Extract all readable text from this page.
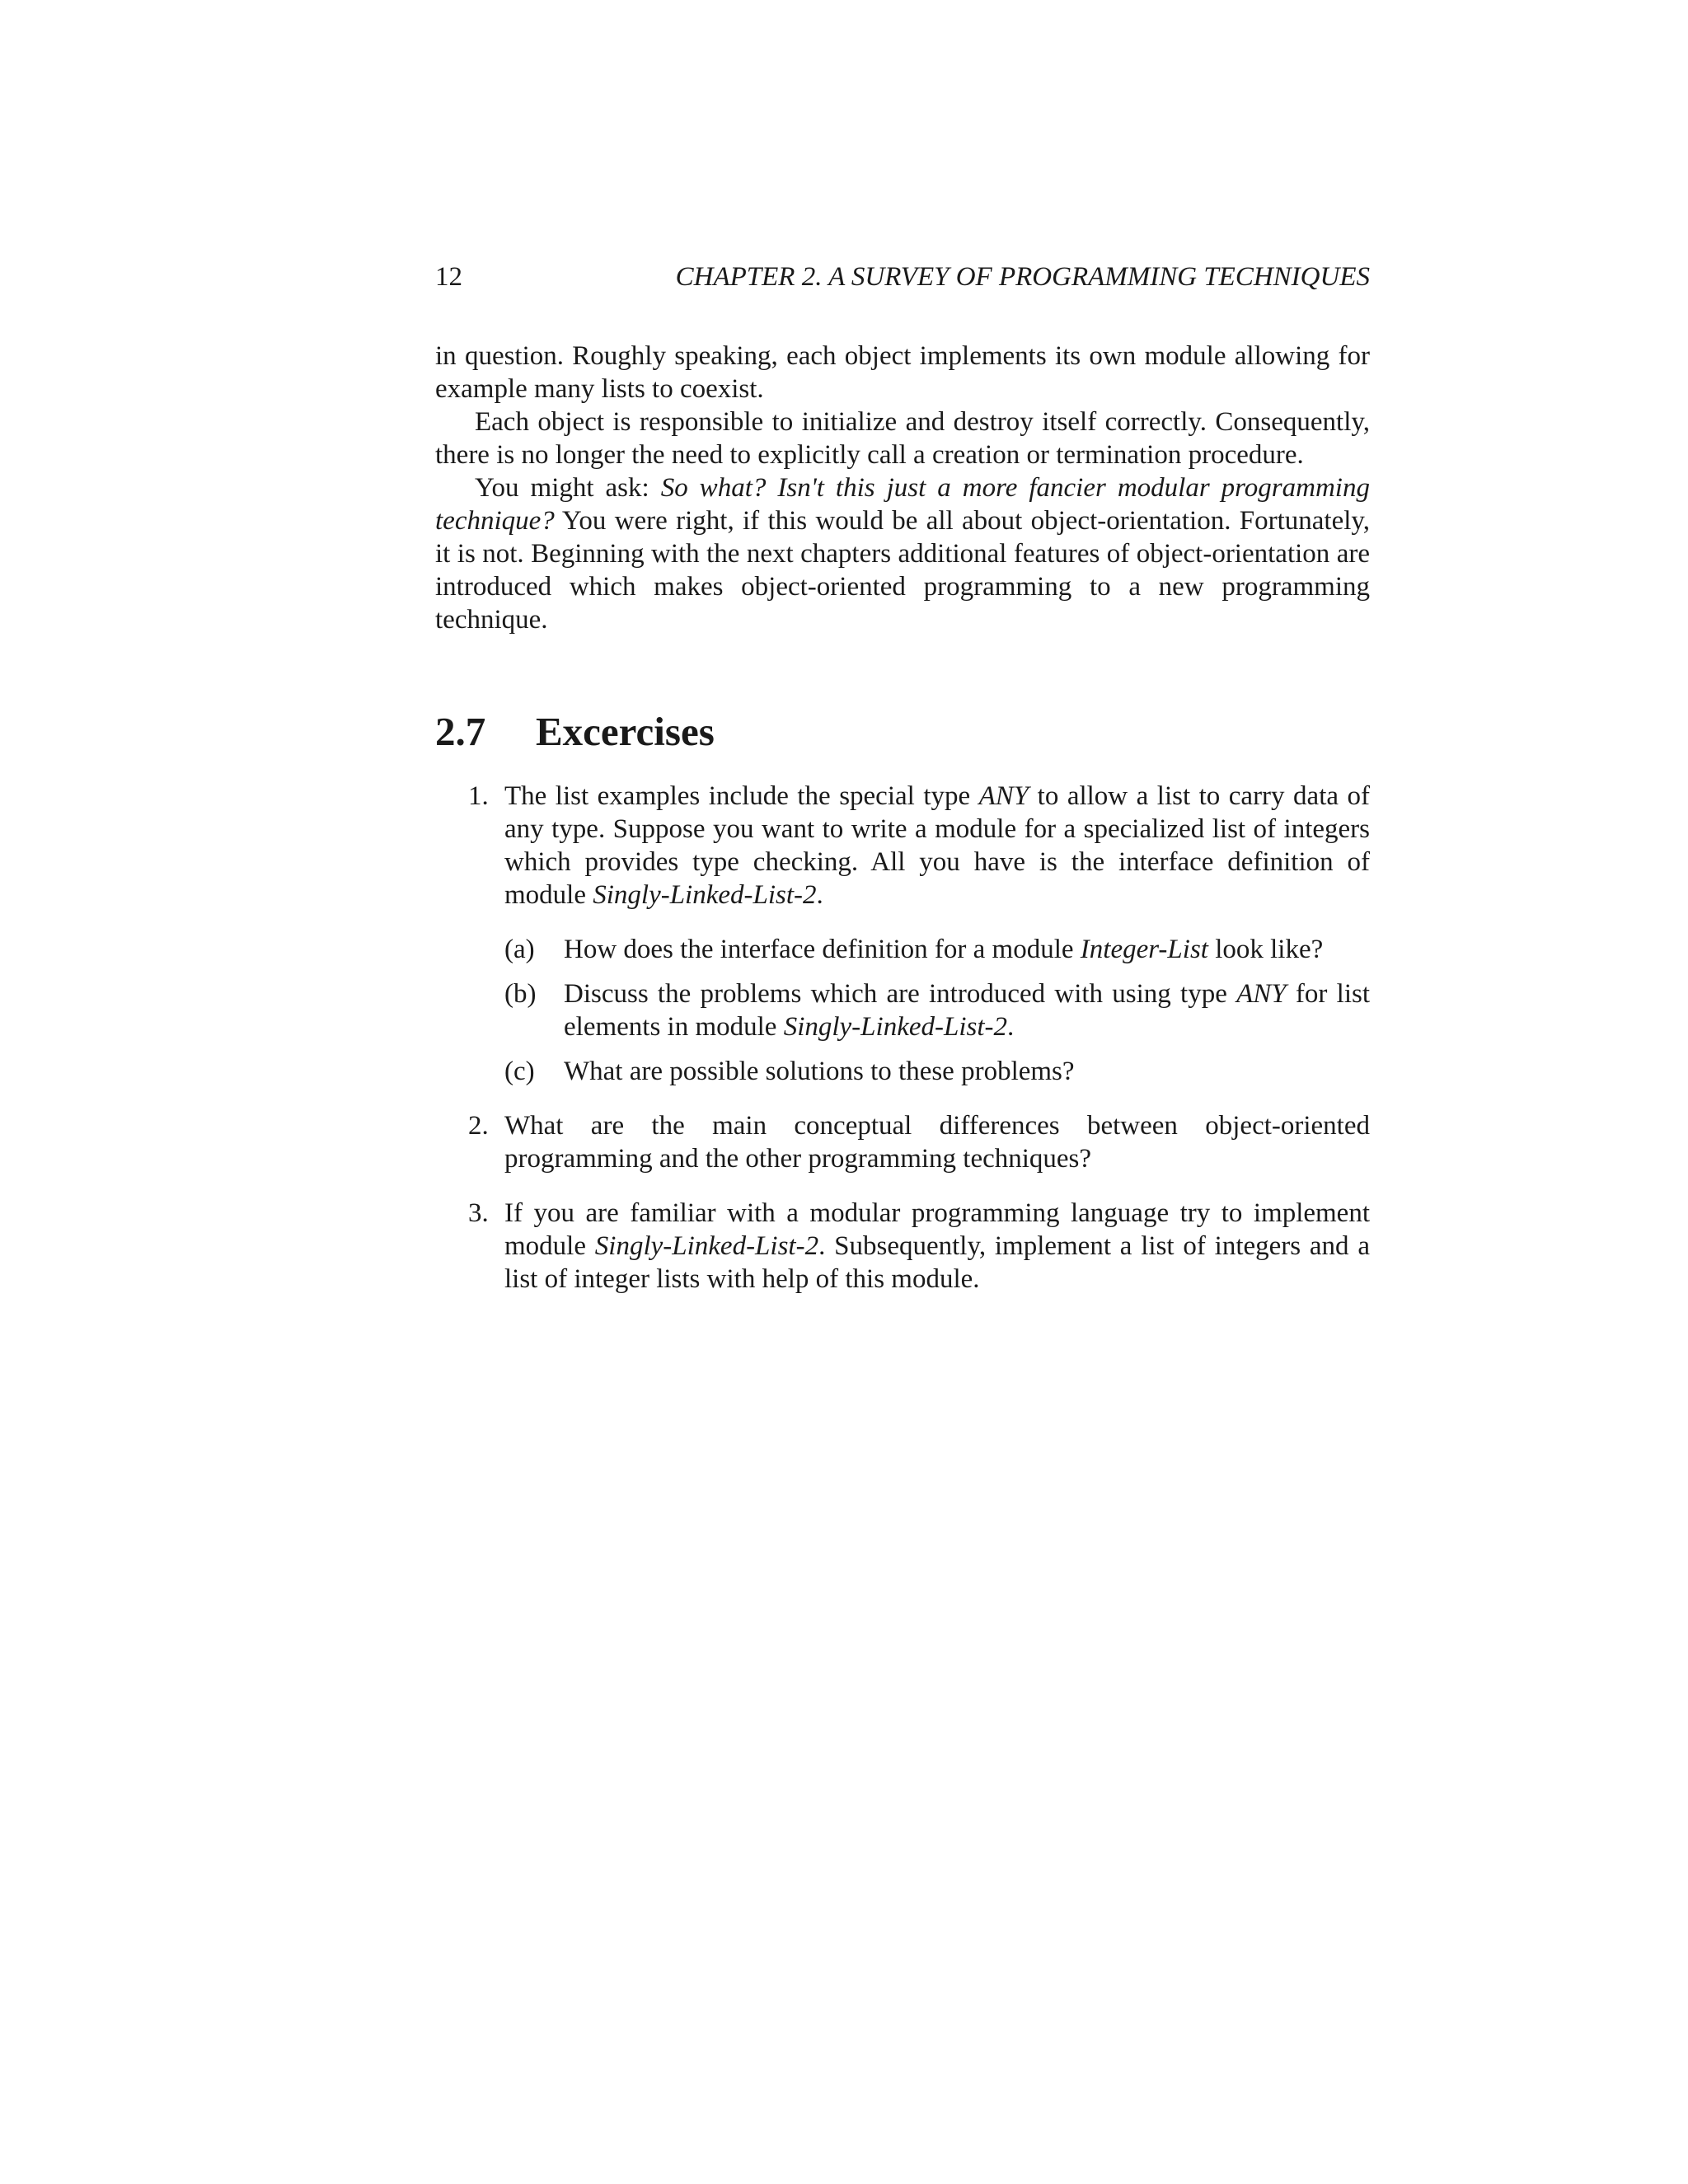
12	CHAPTER 2. A SURVEY OF PROGRAMMING TECHNIQUES

in question. Roughly speaking, each object implements its own module allowing for example many lists to coexist.

Each object is responsible to initialize and destroy itself correctly. Consequently, there is no longer the need to explicitly call a creation or termination procedure.

You might ask: So what? Isn't this just a more fancier modular programming technique? You were right, if this would be all about object-orientation. Fortunately, it is not. Beginning with the next chapters additional features of object-orientation are introduced which makes object-oriented programming to a new programming technique.

2.7 Excercises
1. The list examples include the special type ANY to allow a list to carry data of any type. Suppose you want to write a module for a specialized list of integers which provides type checking. All you have is the interface definition of module Singly-Linked-List-2.
(a) How does the interface definition for a module Integer-List look like?
(b) Discuss the problems which are introduced with using type ANY for list elements in module Singly-Linked-List-2.
(c) What are possible solutions to these problems?
2. What are the main conceptual differences between object-oriented programming and the other programming techniques?
3. If you are familiar with a modular programming language try to implement module Singly-Linked-List-2. Subsequently, implement a list of integers and a list of integer lists with help of this module.
